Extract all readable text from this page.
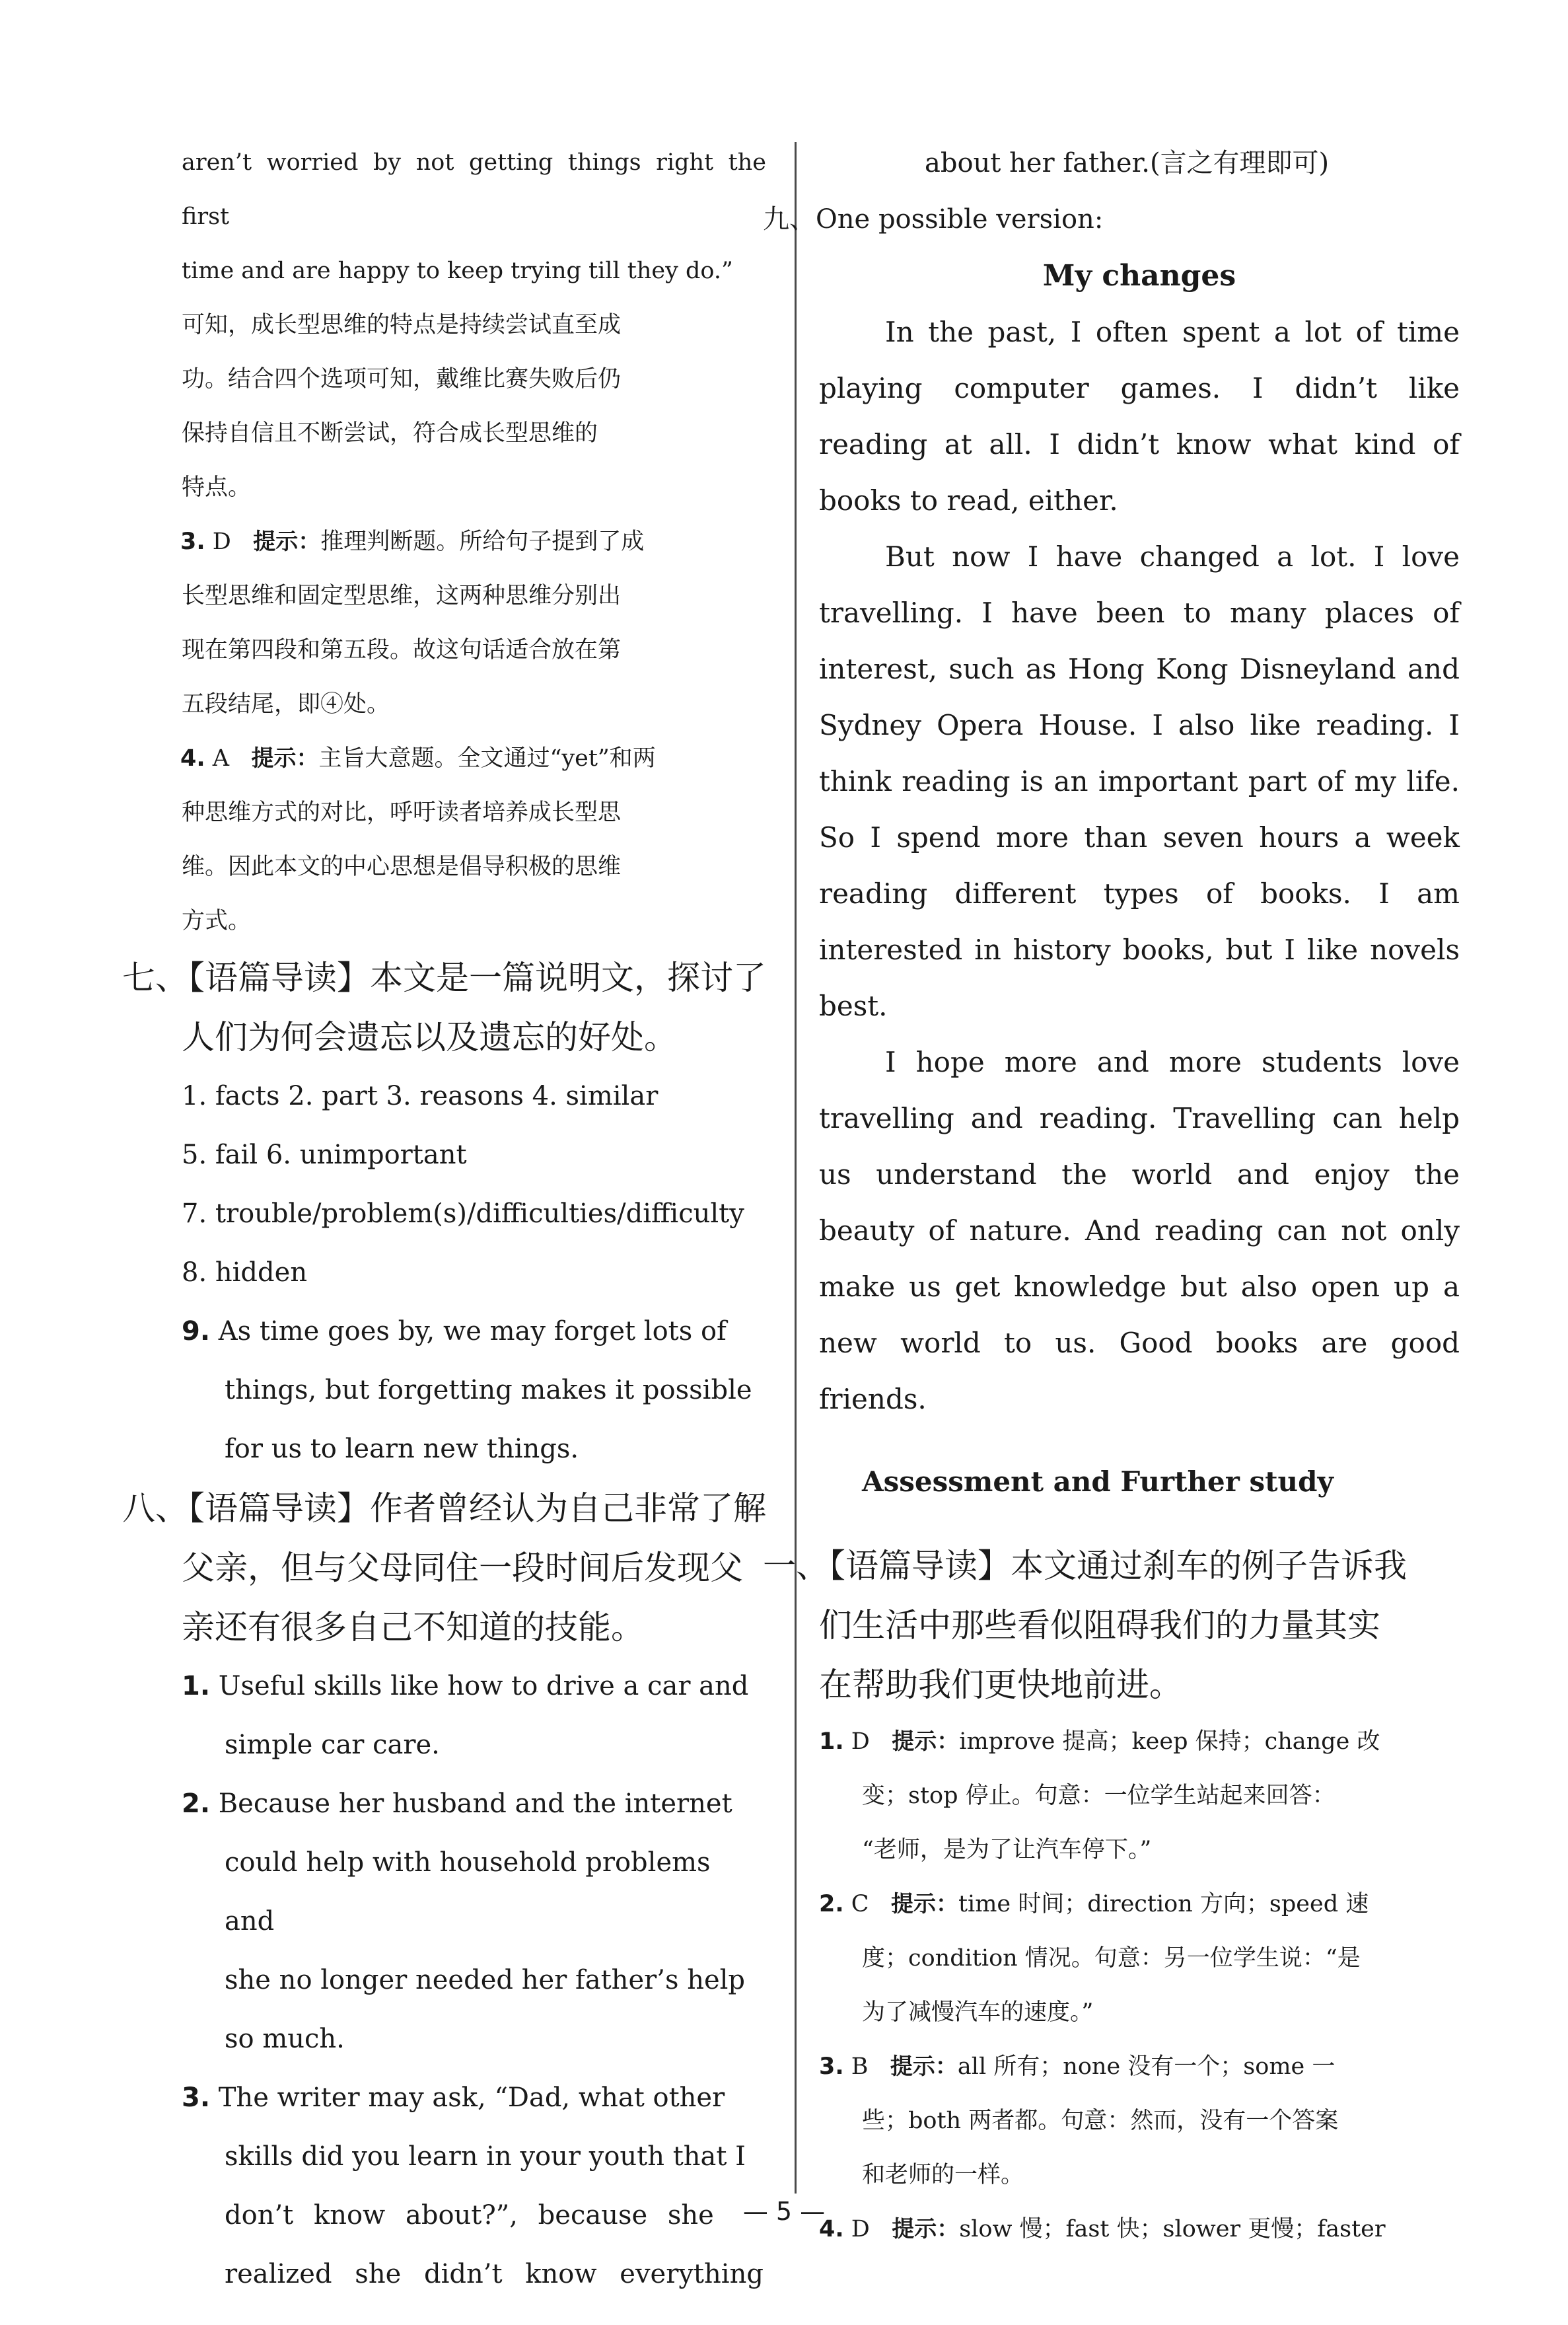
aren’t worried by not getting things right the first

time and are happy to keep trying till they do.”

可知，成长型思维的特点是持续尝试直至成

功。结合四个选项可知，戴维比赛失败后仍

保持自信且不断尝试，符合成长型思维的

特点。

3. D 提示：推理判断题。所给句子提到了成

长型思维和固定型思维，这两种思维分别出

现在第四段和第五段。故这句话适合放在第

五段结尾，即④处。

4. A 提示：主旨大意题。全文通过“yet”和两

种思维方式的对比，呼吁读者培养成长型思

维。因此本文的中心思想是倡导积极的思维

方式。

七、【语篇导读】本文是一篇说明文，探讨了

人们为何会遗忘以及遗忘的好处。

1. facts 2. part 3. reasons 4. similar

5. fail 6. unimportant

7. trouble/problem(s)/difficulties/difficulty

8. hidden

9. As time goes by, we may forget lots of

things, but forgetting makes it possible

for us to learn new things.

八、【语篇导读】作者曾经认为自己非常了解

父亲，但与父母同住一段时间后发现父

亲还有很多自己不知道的技能。

1. Useful skills like how to drive a car and

simple car care.

2. Because her husband and the internet

could help with household problems and

she no longer needed her father’s help

so much.

3. The writer may ask, “Dad, what other

skills did you learn in your youth that I

don’t know about?”, because she

realized she didn’t know everything

about her father.(言之有理即可)

九、One possible version:

My changes

In the past, I often spent a lot of time playing computer games. I didn’t like reading at all. I didn’t know what kind of books to read, either.

But now I have changed a lot. I love travelling. I have been to many places of interest, such as Hong Kong Disneyland and Sydney Opera House. I also like reading. I think reading is an important part of my life. So I spend more than seven hours a week reading different types of books. I am interested in history books, but I like novels best.

I hope more and more students love travelling and reading. Travelling can help us understand the world and enjoy the beauty of nature. And reading can not only make us get knowledge but also open up a new world to us. Good books are good friends.

Assessment and Further study

一、【语篇导读】本文通过刹车的例子告诉我

们生活中那些看似阻碍我们的力量其实

在帮助我们更快地前进。

1. D 提示：improve 提高；keep 保持；change 改

变；stop 停止。句意：一位学生站起来回答：

“老师，是为了让汽车停下。”

2. C 提示：time 时间；direction 方向；speed 速

度；condition 情况。句意：另一位学生说：“是

为了减慢汽车的速度。”

3. B 提示：all 所有；none 没有一个；some 一

些；both 两者都。句意：然而，没有一个答案

和老师的一样。

4. D 提示：slow 慢；fast 快；slower 更慢；faster

— 5 —
